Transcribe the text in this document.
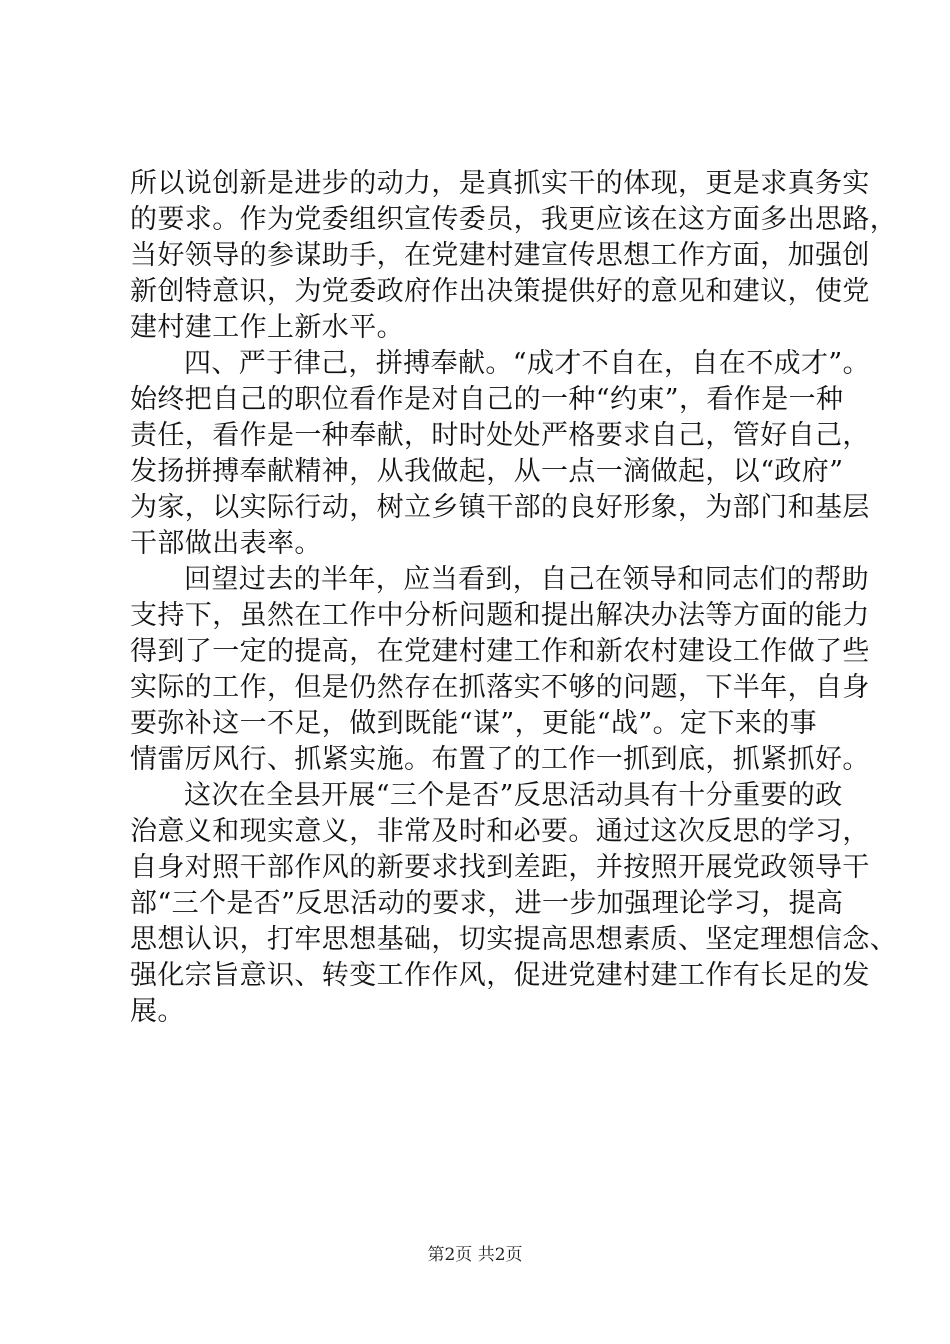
所以说创新是进步的动力，是真抓实干的体现，更是求真务实
的要求。作为党委组织宣传委员，我更应该在这方面多出思路，
当好领导的参谋助手，在党建村建宣传思想工作方面，加强创
新创特意识，为党委政府作出决策提供好的意见和建议，使党
建村建工作上新水平。
四、严于律己，拼搏奉献。“成才不自在，自在不成才”。
始终把自己的职位看作是对自己的一种“约束”，看作是一种
责任，看作是一种奉献，时时处处严格要求自己，管好自己，
发扬拼搏奉献精神，从我做起，从一点一滴做起，以“政府”
为家，以实际行动，树立乡镇干部的良好形象，为部门和基层
干部做出表率。
回望过去的半年，应当看到，自己在领导和同志们的帮助
支持下，虽然在工作中分析问题和提出解决办法等方面的能力
得到了一定的提高，在党建村建工作和新农村建设工作做了些
实际的工作，但是仍然存在抓落实不够的问题，下半年，自身
要弥补这一不足，做到既能“谋”，更能“战”。定下来的事
情雷厉风行、抓紧实施。布置了的工作一抓到底，抓紧抓好。
这次在全县开展“三个是否”反思活动具有十分重要的政
治意义和现实意义，非常及时和必要。通过这次反思的学习，
自身对照干部作风的新要求找到差距，并按照开展党政领导干
部“三个是否”反思活动的要求，进一步加强理论学习，提高
思想认识，打牢思想基础，切实提高思想素质、坚定理想信念、
强化宗旨意识、转变工作作风，促进党建村建工作有长足的发
展。
第2页 共2页
